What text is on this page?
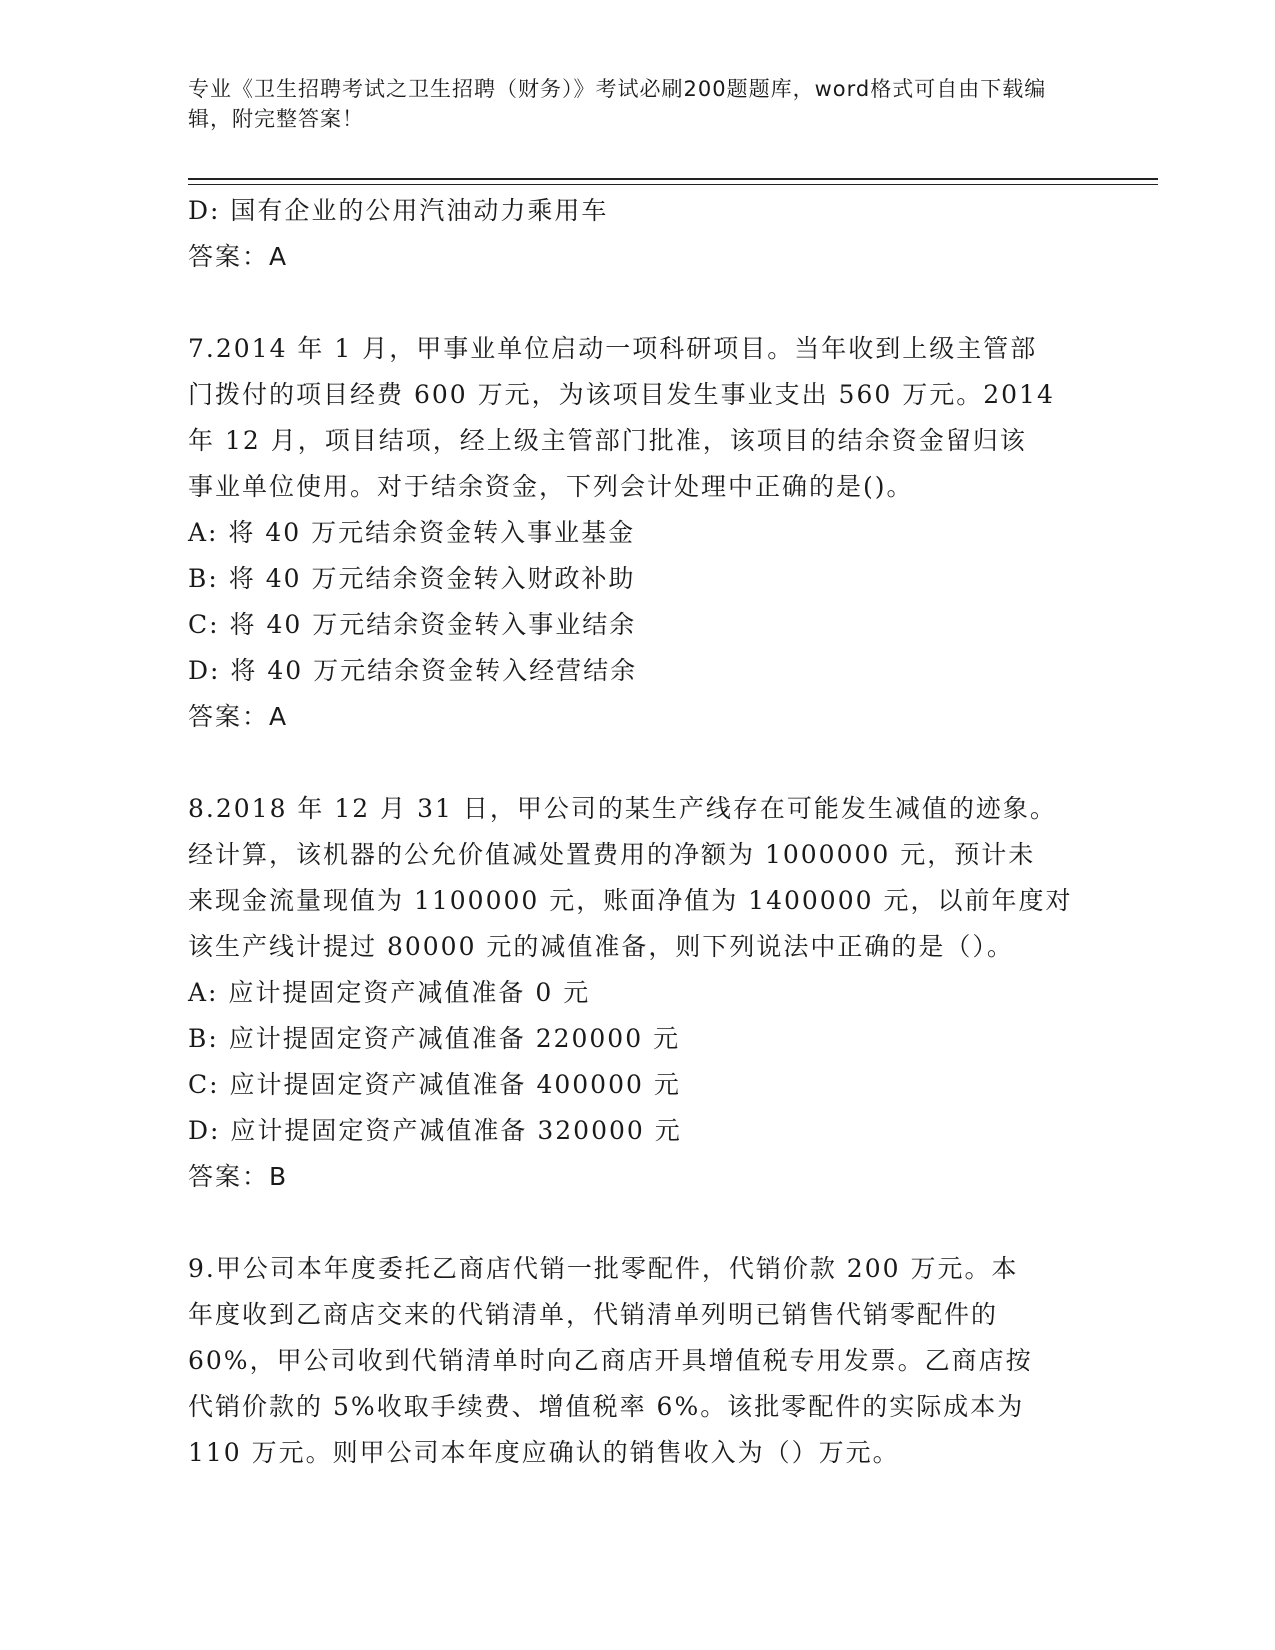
专业《卫生招聘考试之卫生招聘（财务）》考试必刷200题题库，word格式可自由下载编辑，附完整答案！

D: 国有企业的公用汽油动力乘用车

答案：A

7.2014 年 1 月，甲事业单位启动一项科研项目。当年收到上级主管部

门拨付的项目经费 600 万元，为该项目发生事业支出 560 万元。2014

年 12 月，项目结项，经上级主管部门批准，该项目的结余资金留归该

事业单位使用。对于结余资金，下列会计处理中正确的是()。

A: 将 40 万元结余资金转入事业基金

B: 将 40 万元结余资金转入财政补助

C: 将 40 万元结余资金转入事业结余

D: 将 40 万元结余资金转入经营结余

答案：A

8.2018 年 12 月 31 日，甲公司的某生产线存在可能发生减值的迹象。

经计算，该机器的公允价值减处置费用的净额为 1000000 元，预计未

来现金流量现值为 1100000 元，账面净值为 1400000 元，以前年度对

该生产线计提过 80000 元的减值准备，则下列说法中正确的是（）。

A: 应计提固定资产减值准备 0 元

B: 应计提固定资产减值准备 220000 元

C: 应计提固定资产减值准备 400000 元

D: 应计提固定资产减值准备 320000 元

答案：B

9.甲公司本年度委托乙商店代销一批零配件，代销价款 200 万元。本

年度收到乙商店交来的代销清单，代销清单列明已销售代销零配件的

60%，甲公司收到代销清单时向乙商店开具增值税专用发票。乙商店按

代销价款的 5%收取手续费、增值税率 6%。该批零配件的实际成本为

110 万元。则甲公司本年度应确认的销售收入为（）万元。
